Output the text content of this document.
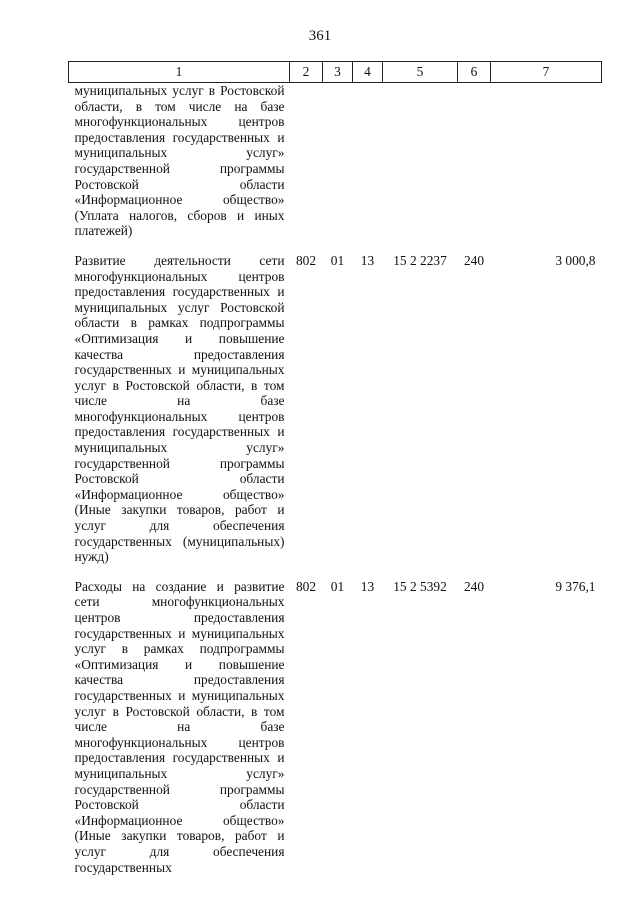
361
1	2	3	4	5	6	7
муниципальных услуг в Ростовской области, в том числе на базе многофункциональных центров предоставления государственных и муниципальных услуг» государственной программы Ростовской области «Информационное общество» (Уплата налогов, сборов и иных платежей)						
Развитие деятельности сети многофункциональных центров предоставления государственных и муниципальных услуг Ростовской области в рамках подпрограммы «Оптимизация и повышение качества предоставления государственных и муниципальных услуг в Ростовской области, в том числе на базе многофункциональных центров предоставления государственных и муниципальных услуг» государственной программы Ростовской области «Информационное общество» (Иные закупки товаров, работ и услуг для обеспечения государственных (муниципальных) нужд)	802	01	13	15 2 2237	240	3 000,8
Расходы на создание и развитие сети многофункциональных центров предоставления государственных и муниципальных услуг в рамках подпрограммы «Оптимизация и повышение качества предоставления государственных и муниципальных услуг в Ростовской области, в том числе на базе многофункциональных центров предоставления государственных и муниципальных услуг» государственной программы Ростовской области «Информационное общество» (Иные закупки товаров, работ и услуг для обеспечения государственных	802	01	13	15 2 5392	240	9 376,1
